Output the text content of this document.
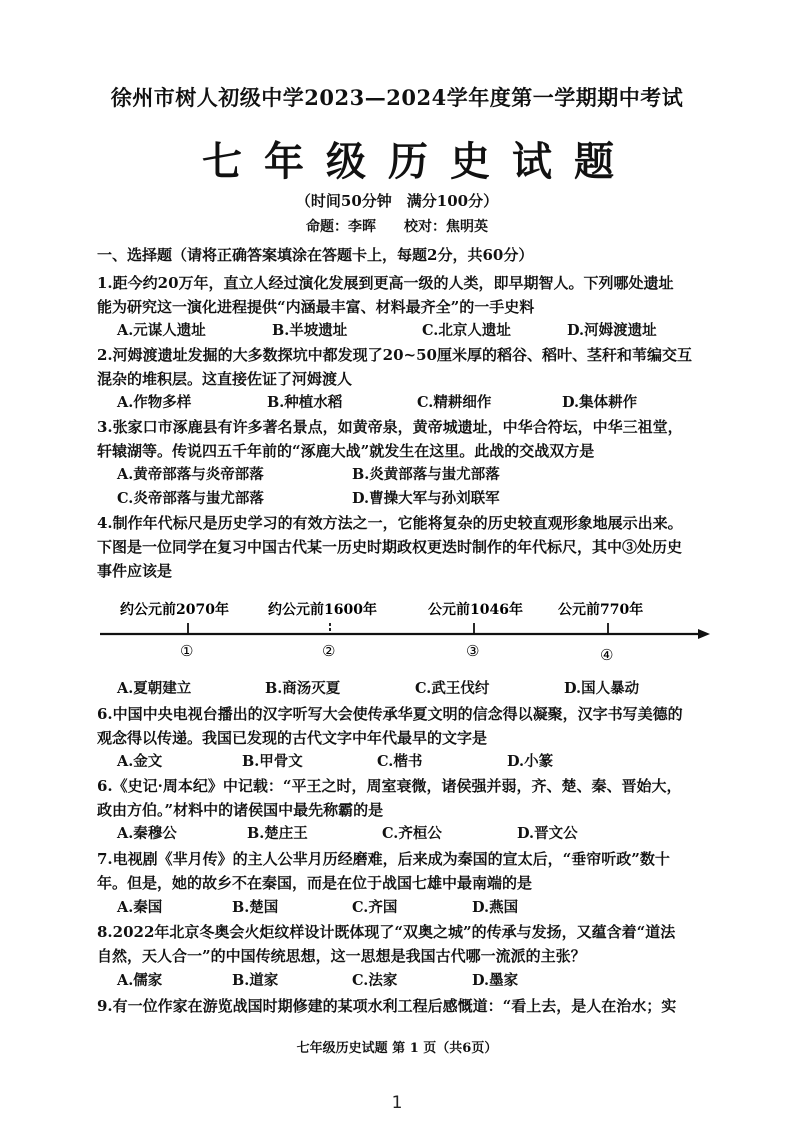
徐州市树人初级中学2023—2024学年度第一学期期中考试
七年级历史试题
（时间50分钟　满分100分）
命题：李晖　　校对：焦明英
一、选择题（请将正确答案填涂在答题卡上，每题2分，共60分）
1.距今约20万年，直立人经过演化发展到更高一级的人类，即早期智人。下列哪处遗址
能为研究这一演化进程提供“内涵最丰富、材料最齐全”的一手史料
A.元谋人遗址	B.半坡遗址	C.北京人遗址	D.河姆渡遗址
2.河姆渡遗址发掘的大多数探坑中都发现了20~50厘米厚的稻谷、稻叶、茎秆和苇编交互
混杂的堆积层。这直接佐证了河姆渡人
A.作物多样	B.种植水稻	C.精耕细作	D.集体耕作
3.张家口市涿鹿县有许多著名景点，如黄帝泉，黄帝城遗址，中华合符坛，中华三祖堂，
轩辕湖等。传说四五千年前的“涿鹿大战”就发生在这里。此战的交战双方是
A.黄帝部落与炎帝部落	B.炎黄部落与蚩尤部落
C.炎帝部落与蚩尤部落	D.曹操大军与孙刘联军
4.制作年代标尺是历史学习的有效方法之一，它能将复杂的历史较直观形象地展示出来。
下图是一位同学在复习中国古代某一历史时期政权更迭时制作的年代标尺，其中③处历史
事件应该是
约公元前2070年	约公元前1600年	公元前1046年	公元前770年
①	②	③	④
A.夏朝建立	B.商汤灭夏	C.武王伐纣	D.国人暴动
6.中国中央电视台播出的汉字听写大会使传承华夏文明的信念得以凝聚，汉字书写美德的
观念得以传递。我国已发现的古代文字中年代最早的文字是
A.金文	B.甲骨文	C.楷书	D.小篆
6.《史记·周本纪》中记载：“平王之时，周室衰微，诸侯强并弱，齐、楚、秦、晋始大，
政由方伯。”材料中的诸侯国中最先称霸的是
A.秦穆公	B.楚庄王	C.齐桓公	D.晋文公
7.电视剧《芈月传》的主人公芈月历经磨难，后来成为秦国的宣太后，“垂帘听政”数十
年。但是，她的故乡不在秦国，而是在位于战国七雄中最南端的是
A.秦国	B.楚国	C.齐国	D.燕国
8.2022年北京冬奥会火炬纹样设计既体现了“双奥之城”的传承与发扬，又蕴含着“道法
自然，天人合一”的中国传统思想，这一思想是我国古代哪一流派的主张？
A.儒家	B.道家	C.法家	D.墨家
9.有一位作家在游览战国时期修建的某项水利工程后感慨道：“看上去，是人在治水；实
七年级历史试题 第 1 页（共6页）
1
